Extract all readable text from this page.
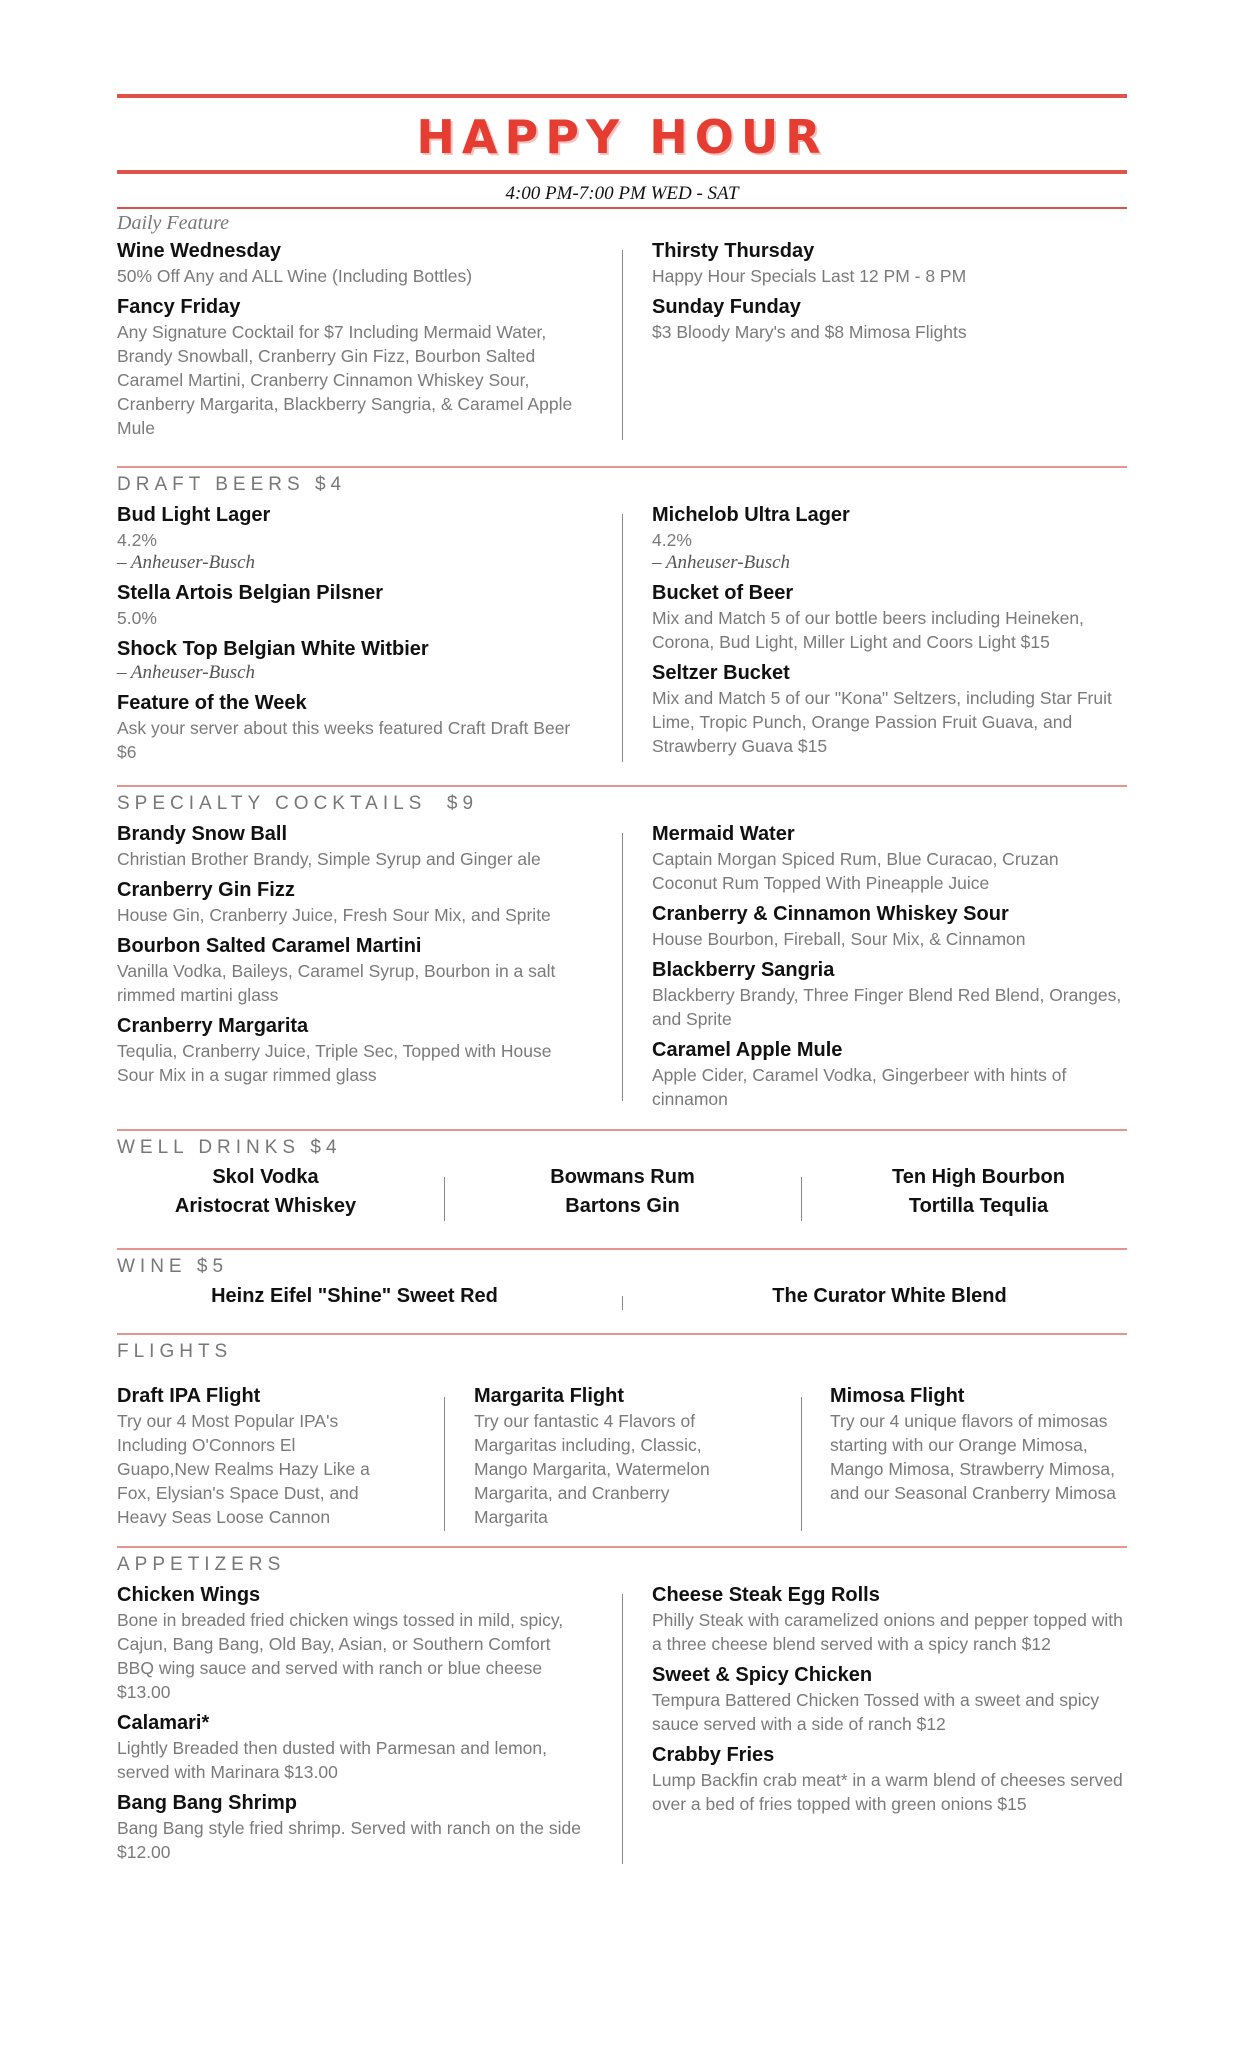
HAPPY HOUR
4:00 PM-7:00 PM WED - SAT
Daily Feature
Wine Wednesday
50% Off Any and ALL Wine (Including Bottles)
Fancy Friday
Any Signature Cocktail for $7 Including Mermaid Water, Brandy Snowball, Cranberry Gin Fizz, Bourbon Salted Caramel Martini, Cranberry Cinnamon Whiskey Sour, Cranberry Margarita, Blackberry Sangria, & Caramel Apple Mule
Thirsty Thursday
Happy Hour Specials Last 12 PM - 8 PM
Sunday Funday
$3 Bloody Mary's and $8 Mimosa Flights
DRAFT BEERS $4
Bud Light Lager
4.2%
– Anheuser-Busch
Stella Artois Belgian Pilsner
5.0%
Shock Top Belgian White Witbier
– Anheuser-Busch
Feature of the Week
Ask your server about this weeks featured Craft Draft Beer $6
Michelob Ultra Lager
4.2%
– Anheuser-Busch
Bucket of Beer
Mix and Match 5 of our bottle beers including Heineken, Corona, Bud Light, Miller Light and Coors Light $15
Seltzer Bucket
Mix and Match 5 of our "Kona" Seltzers, including Star Fruit Lime, Tropic Punch, Orange Passion Fruit Guava, and Strawberry Guava $15
SPECIALTY COCKTAILS  $9
Brandy Snow Ball
Christian Brother Brandy, Simple Syrup and Ginger ale
Cranberry Gin Fizz
House Gin, Cranberry Juice, Fresh Sour Mix, and Sprite
Bourbon Salted Caramel Martini
Vanilla Vodka, Baileys, Caramel Syrup, Bourbon in a salt rimmed martini glass
Cranberry Margarita
Tequlia, Cranberry Juice, Triple Sec, Topped with House Sour Mix in a sugar rimmed glass
Mermaid Water
Captain Morgan Spiced Rum, Blue Curacao, Cruzan Coconut Rum Topped With Pineapple Juice
Cranberry & Cinnamon Whiskey Sour
House Bourbon, Fireball, Sour Mix, & Cinnamon
Blackberry Sangria
Blackberry Brandy, Three Finger Blend Red Blend, Oranges, and Sprite
Caramel Apple Mule
Apple Cider, Caramel Vodka, Gingerbeer with hints of cinnamon
WELL DRINKS $4
Skol Vodka
Aristocrat Whiskey
Bowmans Rum
Bartons Gin
Ten High Bourbon
Tortilla Tequlia
WINE $5
Heinz Eifel "Shine" Sweet Red	The Curator White Blend
FLIGHTS
Draft IPA Flight
Try our 4 Most Popular IPA's Including O'Connors El Guapo,New Realms Hazy Like a Fox, Elysian's Space Dust, and Heavy Seas Loose Cannon
Margarita Flight
Try our fantastic 4 Flavors of Margaritas including, Classic, Mango Margarita, Watermelon Margarita, and Cranberry Margarita
Mimosa Flight
Try our 4 unique flavors of mimosas starting with our Orange Mimosa, Mango Mimosa, Strawberry Mimosa, and our Seasonal Cranberry Mimosa
APPETIZERS
Chicken Wings
Bone in breaded fried chicken wings tossed in mild, spicy, Cajun, Bang Bang, Old Bay, Asian, or Southern Comfort BBQ wing sauce and served with ranch or blue cheese $13.00
Calamari*
Lightly Breaded then dusted with Parmesan and lemon, served with Marinara $13.00
Bang Bang Shrimp
Bang Bang style fried shrimp. Served with ranch on the side $12.00
Cheese Steak Egg Rolls
Philly Steak with caramelized onions and pepper topped with a three cheese blend served with a spicy ranch $12
Sweet & Spicy Chicken
Tempura Battered Chicken Tossed with a sweet and spicy sauce served with a side of ranch $12
Crabby Fries
Lump Backfin crab meat* in a warm blend of cheeses served over a bed of fries topped with green onions $15
